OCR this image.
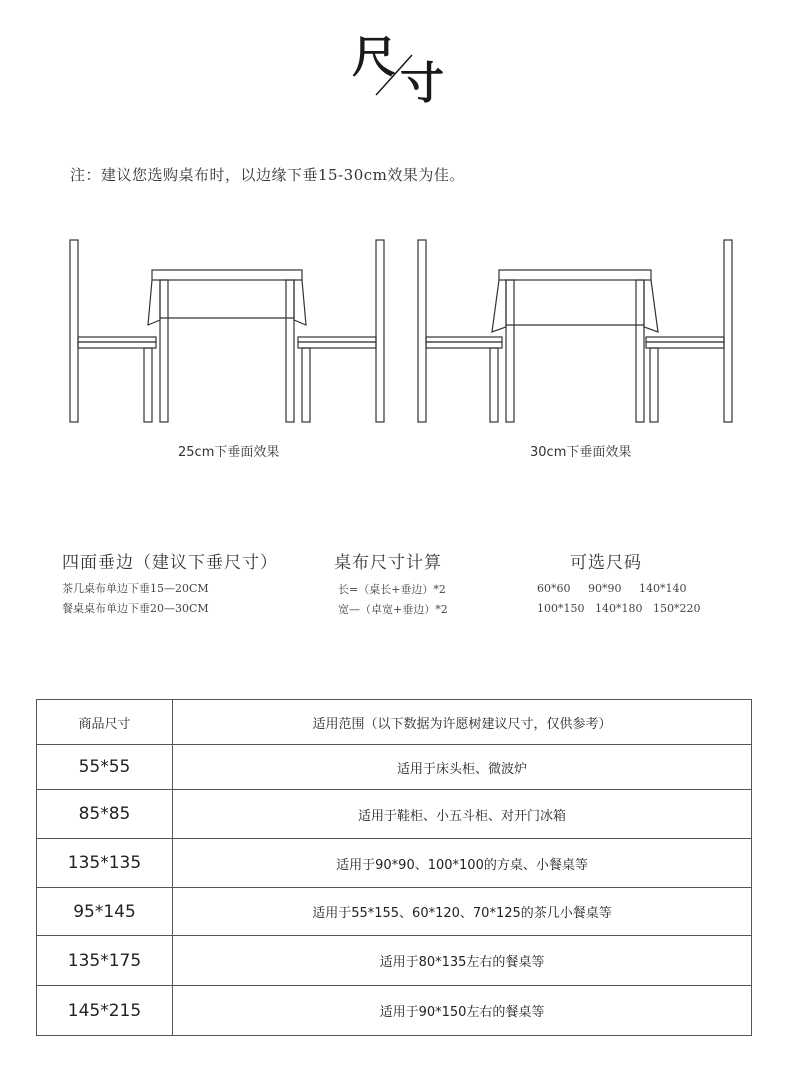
尺
寸
注：建议您选购桌布时，以边缘下垂15-30cm效果为佳。
25cm下垂面效果	30cm下垂面效果
四面垂边（建议下垂尺寸）
茶几桌布单边下垂15—20CM
餐桌桌布单边下垂20—30CM
桌布尺寸计算
长=（桌长+垂边）*2
宽—（卓宽+垂边）*2
可选尺码
60*60     90*90     140*140
100*150   140*180   150*220
商品尺寸	适用范围（以下数据为许愿树建议尺寸，仅供参考）
55*55	适用于床头柜、微波炉
85*85	适用于鞋柜、小五斗柜、对开门冰箱
135*135	适用于90*90、100*100的方桌、小餐桌等
95*145	适用于55*155、60*120、70*125的茶几小餐桌等
135*175	适用于80*135左右的餐桌等
145*215	适用于90*150左右的餐桌等
